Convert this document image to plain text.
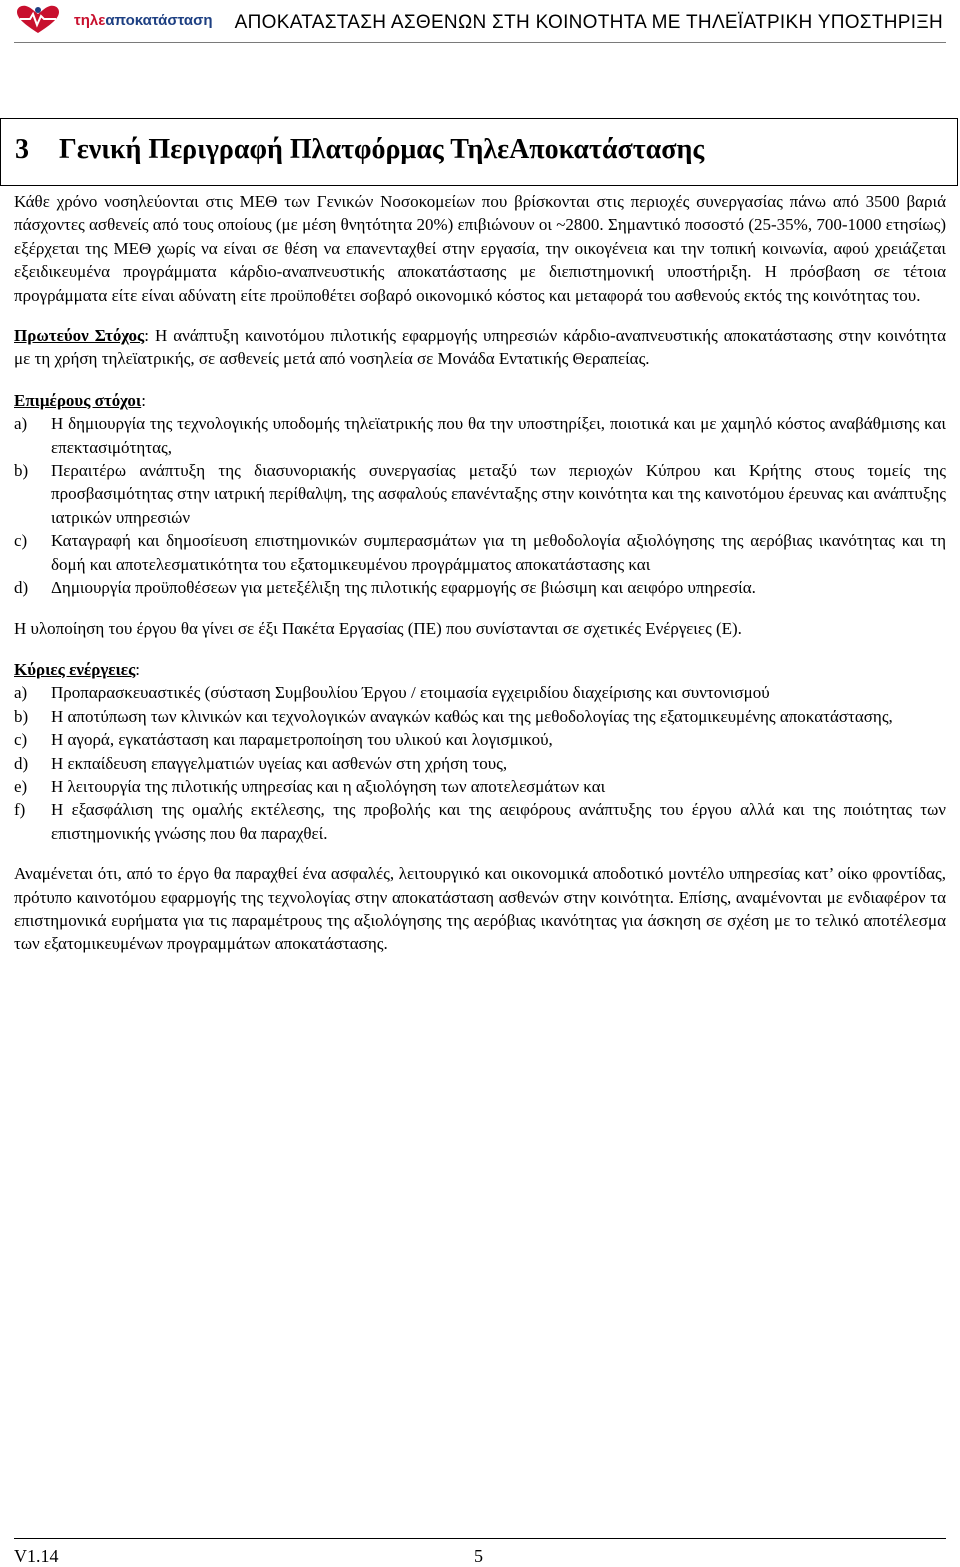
τηλεαποκατάσταση ΑΠΟΚΑΤΑΣΤΑΣΗ ΑΣΘΕΝΩΝ ΣΤΗ ΚΟΙΝΟΤΗΤΑ ΜΕ ΤΗΛΕΪΑΤΡΙΚΗ ΥΠΟΣΤΗΡΙΞΗ

3 Γενική Περιγραφή Πλατφόρμας ΤηλεΑποκατάστασης

Κάθε χρόνο νοσηλεύονται στις ΜΕΘ των Γενικών Νοσοκομείων που βρίσκονται στις περιοχές συνεργασίας πάνω από 3500 βαριά πάσχοντες ασθενείς από τους οποίους (με μέση θνητότητα 20%) επιβιώνουν οι ~2800. Σημαντικό ποσοστό (25-35%, 700-1000 ετησίως) εξέρχεται της ΜΕΘ χωρίς να είναι σε θέση να επανενταχθεί στην εργασία, την οικογένεια και την τοπική κοινωνία, αφού χρειάζεται εξειδικευμένα προγράμματα κάρδιο-αναπνευστικής αποκατάστασης με διεπιστημονική υποστήριξη. Η πρόσβαση σε τέτοια προγράμματα είτε είναι αδύνατη είτε προϋποθέτει σοβαρό οικονομικό κόστος και μεταφορά του ασθενούς εκτός της κοινότητας του.

Πρωτεύον Στόχος: Η ανάπτυξη καινοτόμου πιλοτικής εφαρμογής υπηρεσιών κάρδιο-αναπνευστικής αποκατάστασης στην κοινότητα με τη χρήση τηλεϊατρικής, σε ασθενείς μετά από νοσηλεία σε Μονάδα Εντατικής Θεραπείας.

Επιμέρους στόχοι:

a) Η δημιουργία της τεχνολογικής υποδομής τηλεϊατρικής που θα την υποστηρίξει, ποιοτικά και με χαμηλό κόστος αναβάθμισης και επεκτασιμότητας,
b) Περαιτέρω ανάπτυξη της διασυνοριακής συνεργασίας μεταξύ των περιοχών Κύπρου και Κρήτης στους τομείς της προσβασιμότητας στην ιατρική περίθαλψη, της ασφαλούς επανένταξης στην κοινότητα και της καινοτόμου έρευνας και ανάπτυξης ιατρικών υπηρεσιών
c) Καταγραφή και δημοσίευση επιστημονικών συμπερασμάτων για τη μεθοδολογία αξιολόγησης της αερόβιας ικανότητας και τη δομή και αποτελεσματικότητα του εξατομικευμένου προγράμματος αποκατάστασης και
d) Δημιουργία προϋποθέσεων για μετεξέλιξη της πιλοτικής εφαρμογής σε βιώσιμη και αειφόρο υπηρεσία.

Η υλοποίηση του έργου θα γίνει σε έξι Πακέτα Εργασίας (ΠΕ) που συνίστανται σε σχετικές Ενέργειες (Ε).

Κύριες ενέργειες:

a) Προπαρασκευαστικές (σύσταση Συμβουλίου Έργου / ετοιμασία εγχειριδίου διαχείρισης και συντονισμού
b) Η αποτύπωση των κλινικών και τεχνολογικών αναγκών καθώς και της μεθοδολογίας της εξατομικευμένης αποκατάστασης,
c) Η αγορά, εγκατάσταση και παραμετροποίηση του υλικού και λογισμικού,
d) Η εκπαίδευση επαγγελματιών υγείας και ασθενών στη χρήση τους,
e) Η λειτουργία της πιλοτικής υπηρεσίας και η αξιολόγηση των αποτελεσμάτων και
f) Η εξασφάλιση της ομαλής εκτέλεσης, της προβολής και της αειφόρους ανάπτυξης του έργου αλλά και της ποιότητας των επιστημονικής γνώσης που θα παραχθεί.

Αναμένεται ότι, από το έργο θα παραχθεί ένα ασφαλές, λειτουργικό και οικονομικά αποδοτικό μοντέλο υπηρεσίας κατ’ οίκο φροντίδας, πρότυπο καινοτόμου εφαρμογής της τεχνολογίας στην αποκατάσταση ασθενών στην κοινότητα. Επίσης, αναμένονται με ενδιαφέρον τα επιστημονικά ευρήματα για τις παραμέτρους της αξιολόγησης της αερόβιας ικανότητας για άσκηση σε σχέση με το τελικό αποτέλεσμα των εξατομικευμένων προγραμμάτων αποκατάστασης.

V1.14	5
